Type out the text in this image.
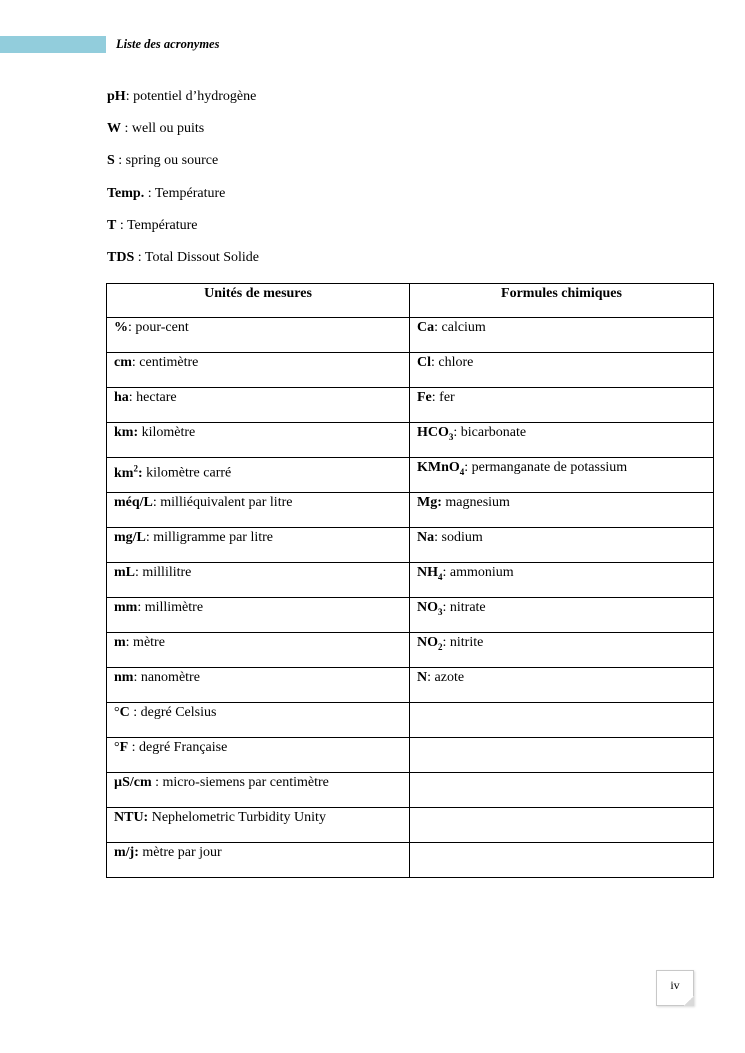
Liste des acronymes
pH: potentiel d’hydrogène
W : well ou puits
S : spring ou source
Temp. : Température
T : Température
TDS : Total Dissout Solide
Unités de mesures	Formules chimiques
%: pour-cent	Ca: calcium
cm: centimètre	Cl: chlore
ha: hectare	Fe: fer
km: kilomètre	$HCO_3$: bicarbonate
$km^2$: kilomètre carré	KMnO$_4$: permanganate de potassium
méq/L: milliéquivalent par litre	Mg: magnesium
mg/L: milligramme par litre	Na: sodium
mL: millilitre	$NH_4$: ammonium
mm: millimètre	$NO_3$: nitrate
m: mètre	$NO_2$: nitrite
nm: nanomètre	N: azote
°C : degré Celsius	
°F : degré Française	
µS/cm : micro-siemens par centimètre	
NTU: Nephelometric Turbidity Unity	
m/j: mètre par jour	
iv
